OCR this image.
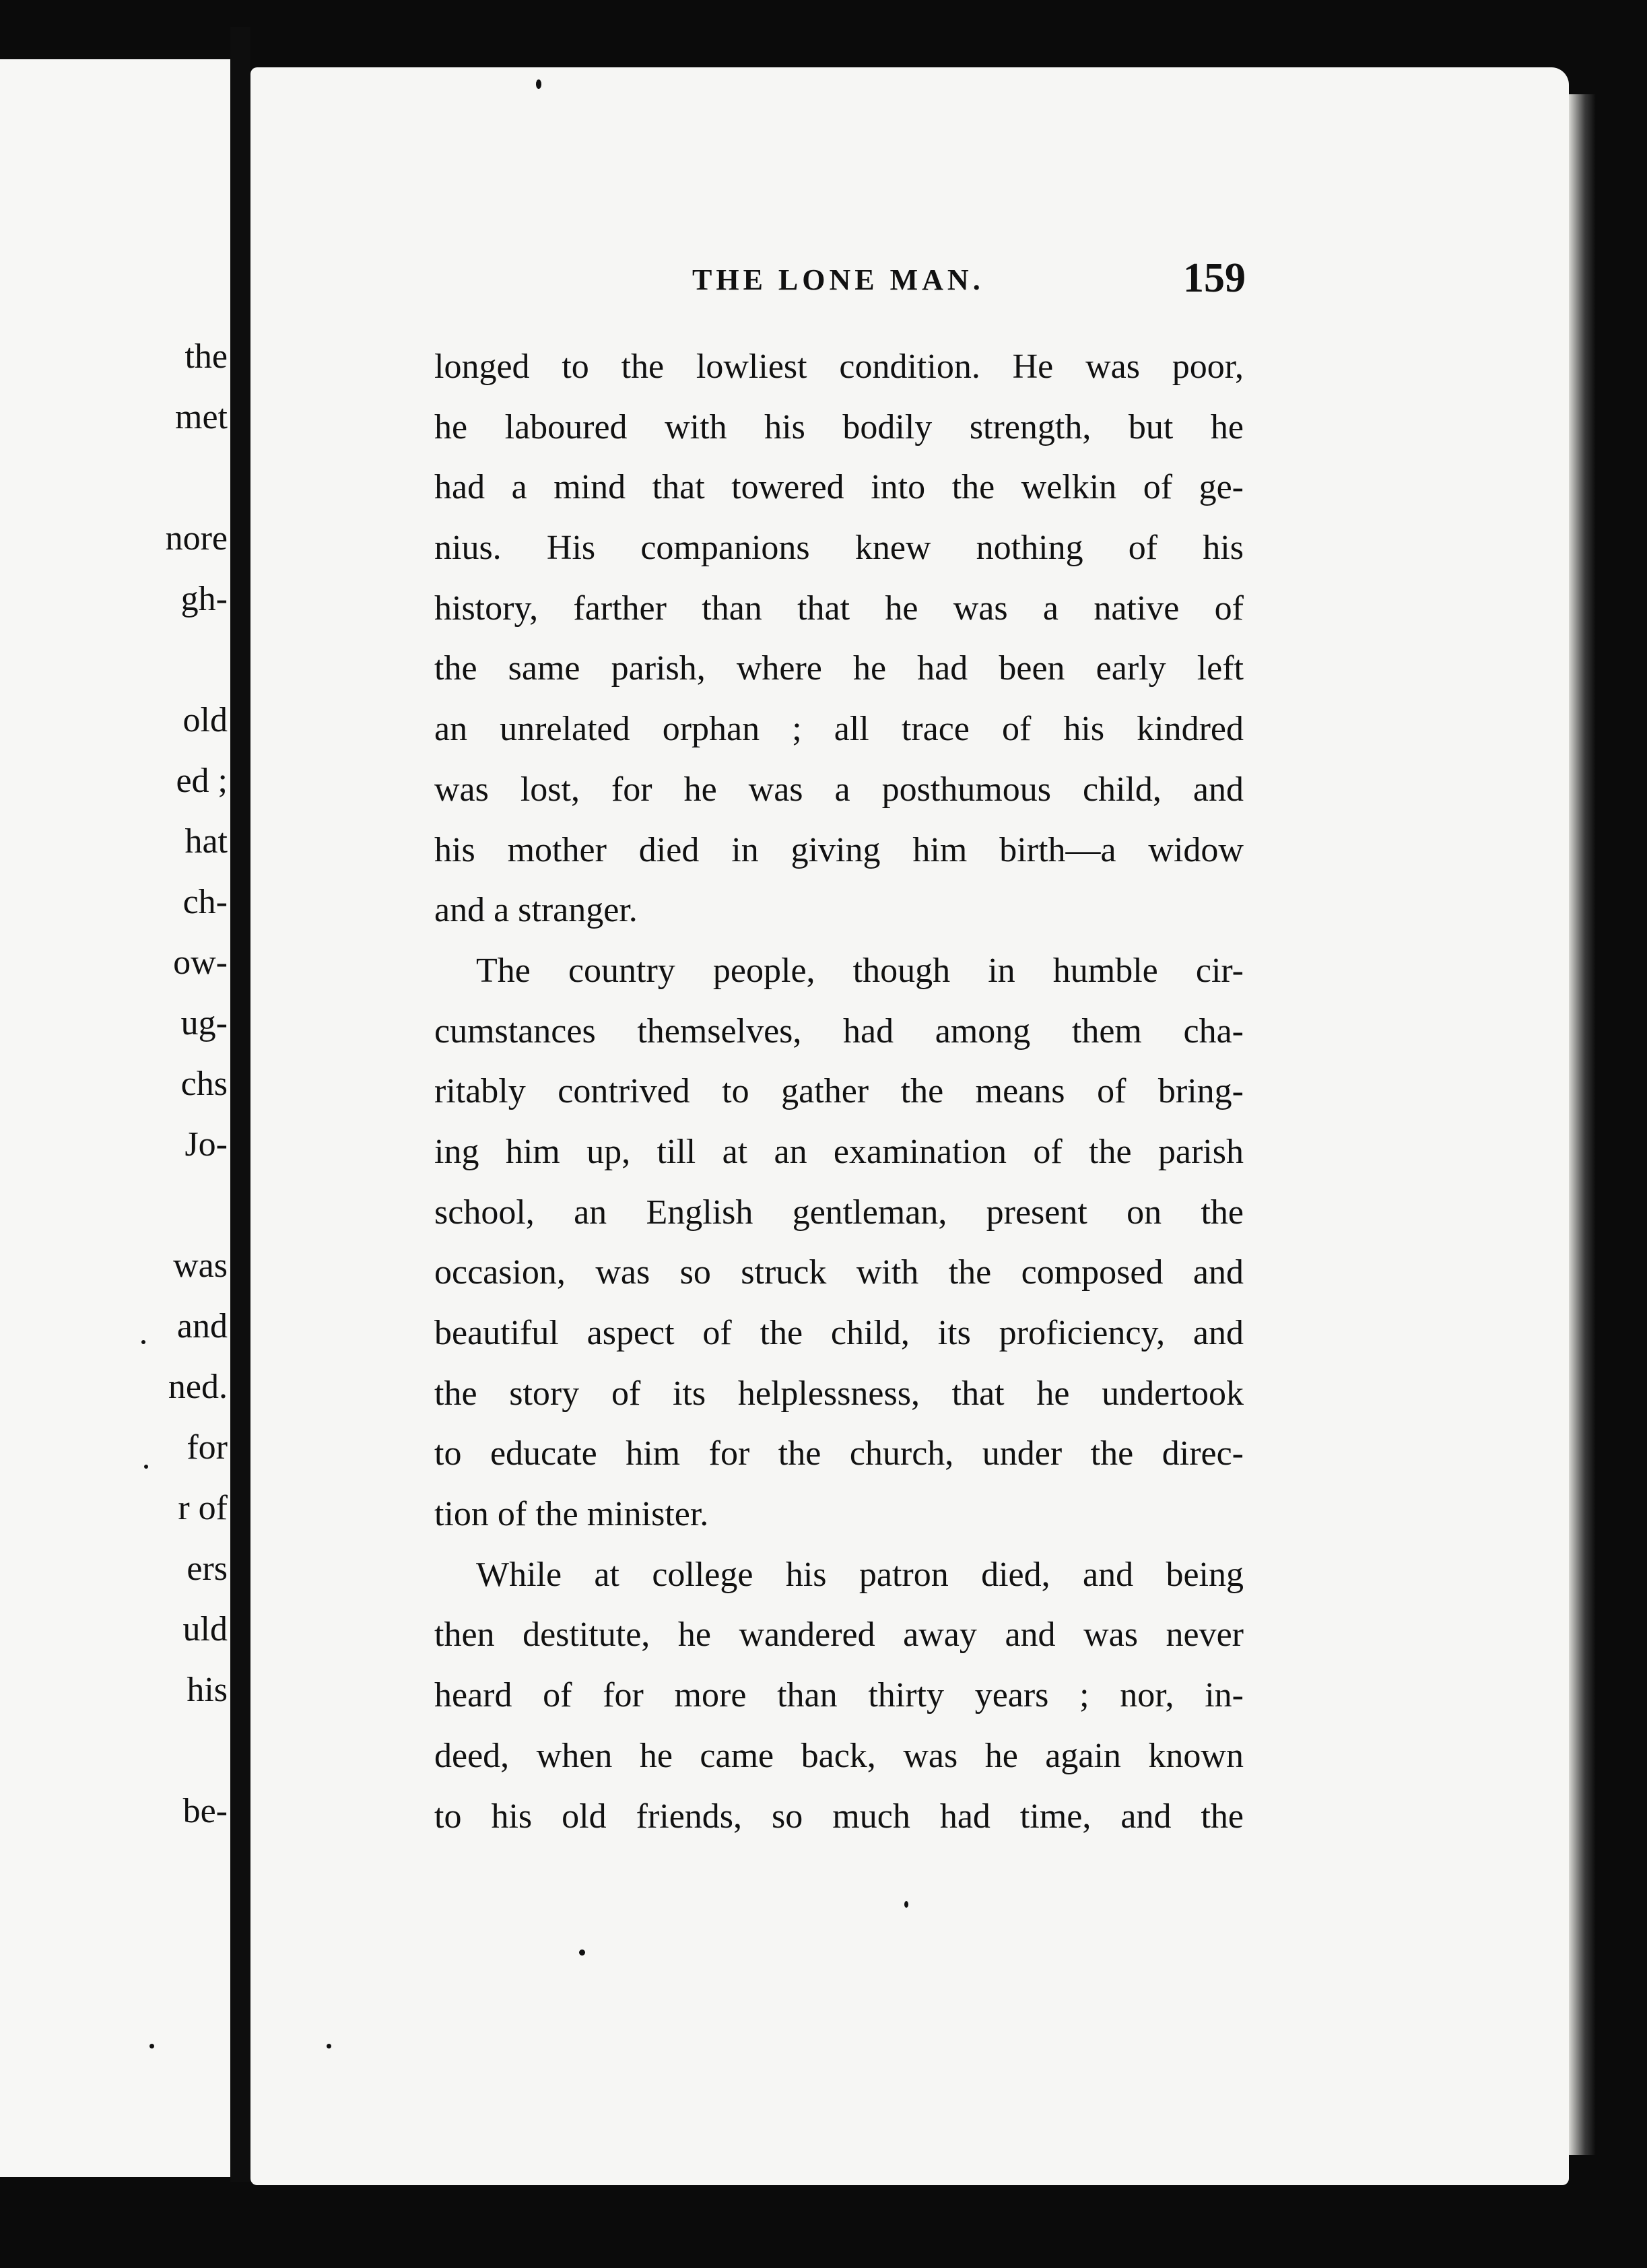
the
met
nore
gh-
old
ed ;
hat
ch-
ow-
ug-
chs
Jo-
was
and
ned.
for
r of
ers
uld
his
be-
THE LONE MAN.	159
longed to the lowliest condition. He was poor,
he laboured with his bodily strength, but he
had a mind that towered into the welkin of ge-
nius. His companions knew nothing of his
history, farther than that he was a native of
the same parish, where he had been early left
an unrelated orphan ; all trace of his kindred
was lost, for he was a posthumous child, and
his mother died in giving him birth—a widow
and a stranger.
The country people, though in humble cir-
cumstances themselves, had among them cha-
ritably contrived to gather the means of bring-
ing him up, till at an examination of the parish
school, an English gentleman, present on the
occasion, was so struck with the composed and
beautiful aspect of the child, its proficiency, and
the story of its helplessness, that he undertook
to educate him for the church, under the direc-
tion of the minister.
While at college his patron died, and being
then destitute, he wandered away and was never
heard of for more than thirty years ; nor, in-
deed, when he came back, was he again known
to his old friends, so much had time, and the
